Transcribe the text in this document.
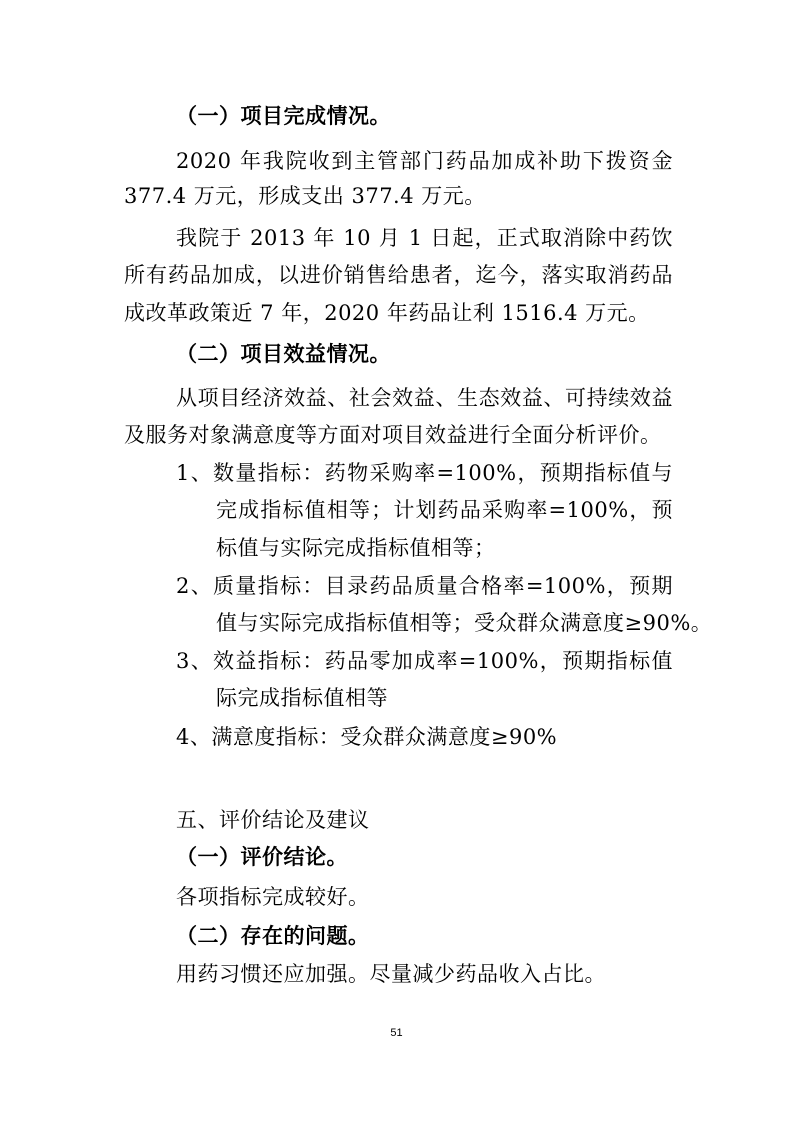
（一）项目完成情况。
2020 年我院收到主管部门药品加成补助下拨资金
377.4 万元，形成支出 377.4 万元。
我院于 2013 年 10 月 1 日起，正式取消除中药饮
所有药品加成，以进价销售给患者，迄今，落实取消药品
成改革政策近 7 年，2020 年药品让利 1516.4 万元。
（二）项目效益情况。
从项目经济效益、社会效益、生态效益、可持续效益
及服务对象满意度等方面对项目效益进行全面分析评价。
1、数量指标：药物采购率=100%，预期指标值与
完成指标值相等；计划药品采购率=100%，预
标值与实际完成指标值相等；
2、质量指标：目录药品质量合格率=100%，预期
值与实际完成指标值相等；受众群众满意度≥90%。
3、效益指标：药品零加成率=100%，预期指标值
际完成指标值相等
4、满意度指标：受众群众满意度≥90%
五、评价结论及建议
（一）评价结论。
各项指标完成较好。
（二）存在的问题。
用药习惯还应加强。尽量减少药品收入占比。
51
